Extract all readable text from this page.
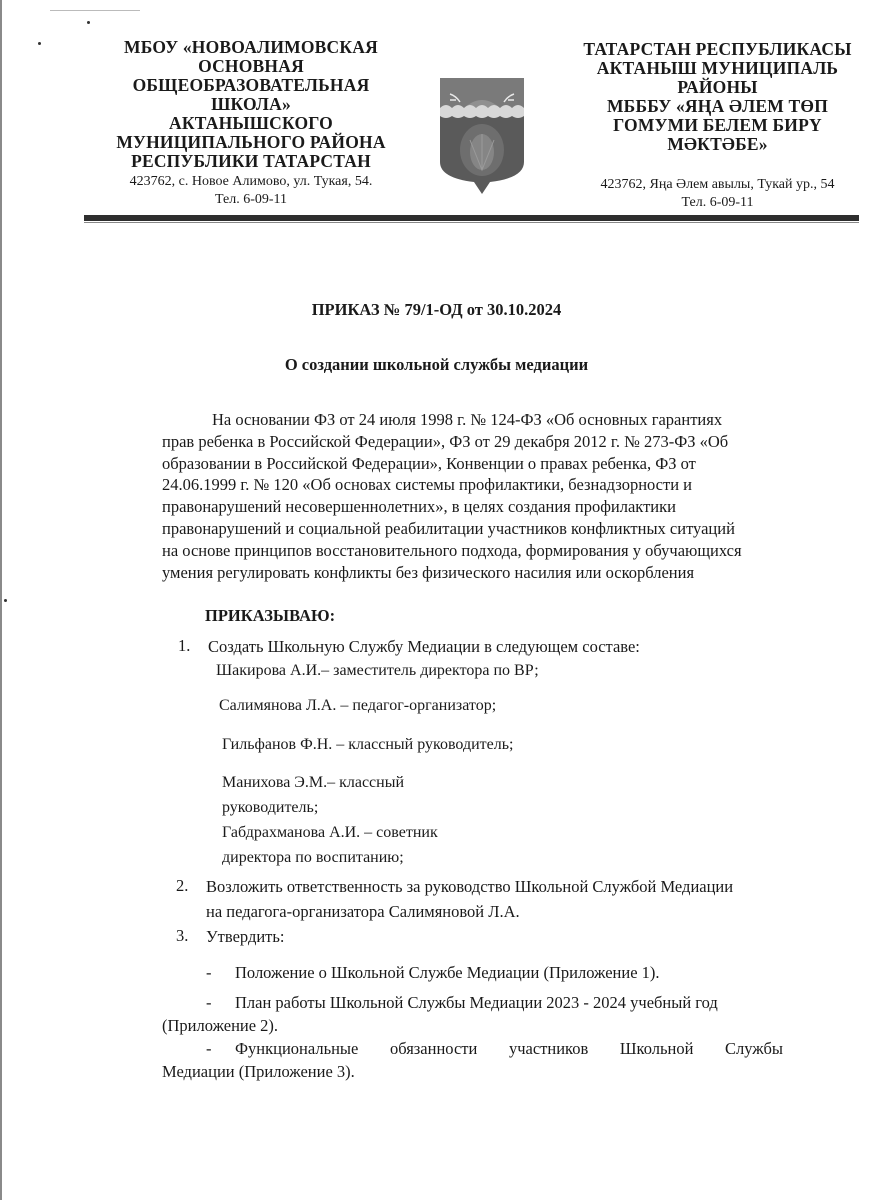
МБОУ «НОВОАЛИМОВСКАЯ
ОСНОВНАЯ
ОБЩЕОБРАЗОВАТЕЛЬНАЯ
ШКОЛА»
АКТАНЫШСКОГО
МУНИЦИПАЛЬНОГО РАЙОНА
РЕСПУБЛИКИ ТАТАРСТАН
423762, с. Новое Алимово, ул. Тукая, 54.
Тел. 6-09-11
ТАТАРСТАН РЕСПУБЛИКАСЫ
АКТАНЫШ МУНИЦИПАЛЬ
РАЙОНЫ
МБББУ «ЯҢА ӘЛЕМ ТӨП
ГОМУМИ БЕЛЕМ БИРҮ
МӘКТӘБЕ»
423762, Яңа Әлем авылы, Тукай ур., 54
Тел. 6-09-11
ПРИКАЗ № 79/1-ОД от 30.10.2024
О создании школьной службы медиации
На основании ФЗ от 24 июля 1998 г. № 124-ФЗ «Об основных гарантиях
прав ребенка в Российской Федерации», ФЗ от 29 декабря 2012 г. № 273-ФЗ «Об
образовании в Российской Федерации», Конвенции о правах ребенка, ФЗ от
24.06.1999 г. № 120 «Об основах системы профилактики, безнадзорности и
правонарушений несовершеннолетних», в целях создания профилактики
правонарушений и социальной реабилитации участников конфликтных ситуаций
на основе принципов восстановительного подхода, формирования у обучающихся
умения регулировать конфликты без физического насилия или оскорбления
ПРИКАЗЫВАЮ:
1. Создать Школьную Службу Медиации в следующем составе:
Шакирова А.И.– заместитель директора по ВР;
Салимянова Л.А. – педагог-организатор;
Гильфанов Ф.Н. – классный руководитель;
Манихова Э.М.– классный
руководитель;
Габдрахманова А.И. – советник
директора по воспитанию;
2. Возложить ответственность за руководство Школьной Службой Медиации
на педагога-организатора Салимяновой Л.А.
3. Утвердить:
- Положение о Школьной Службе Медиации (Приложение 1).
- План работы Школьной Службы Медиации 2023 - 2024 учебный год
(Приложение 2).
- Функциональные обязанности участников Школьной Службы
Медиации (Приложение 3).
